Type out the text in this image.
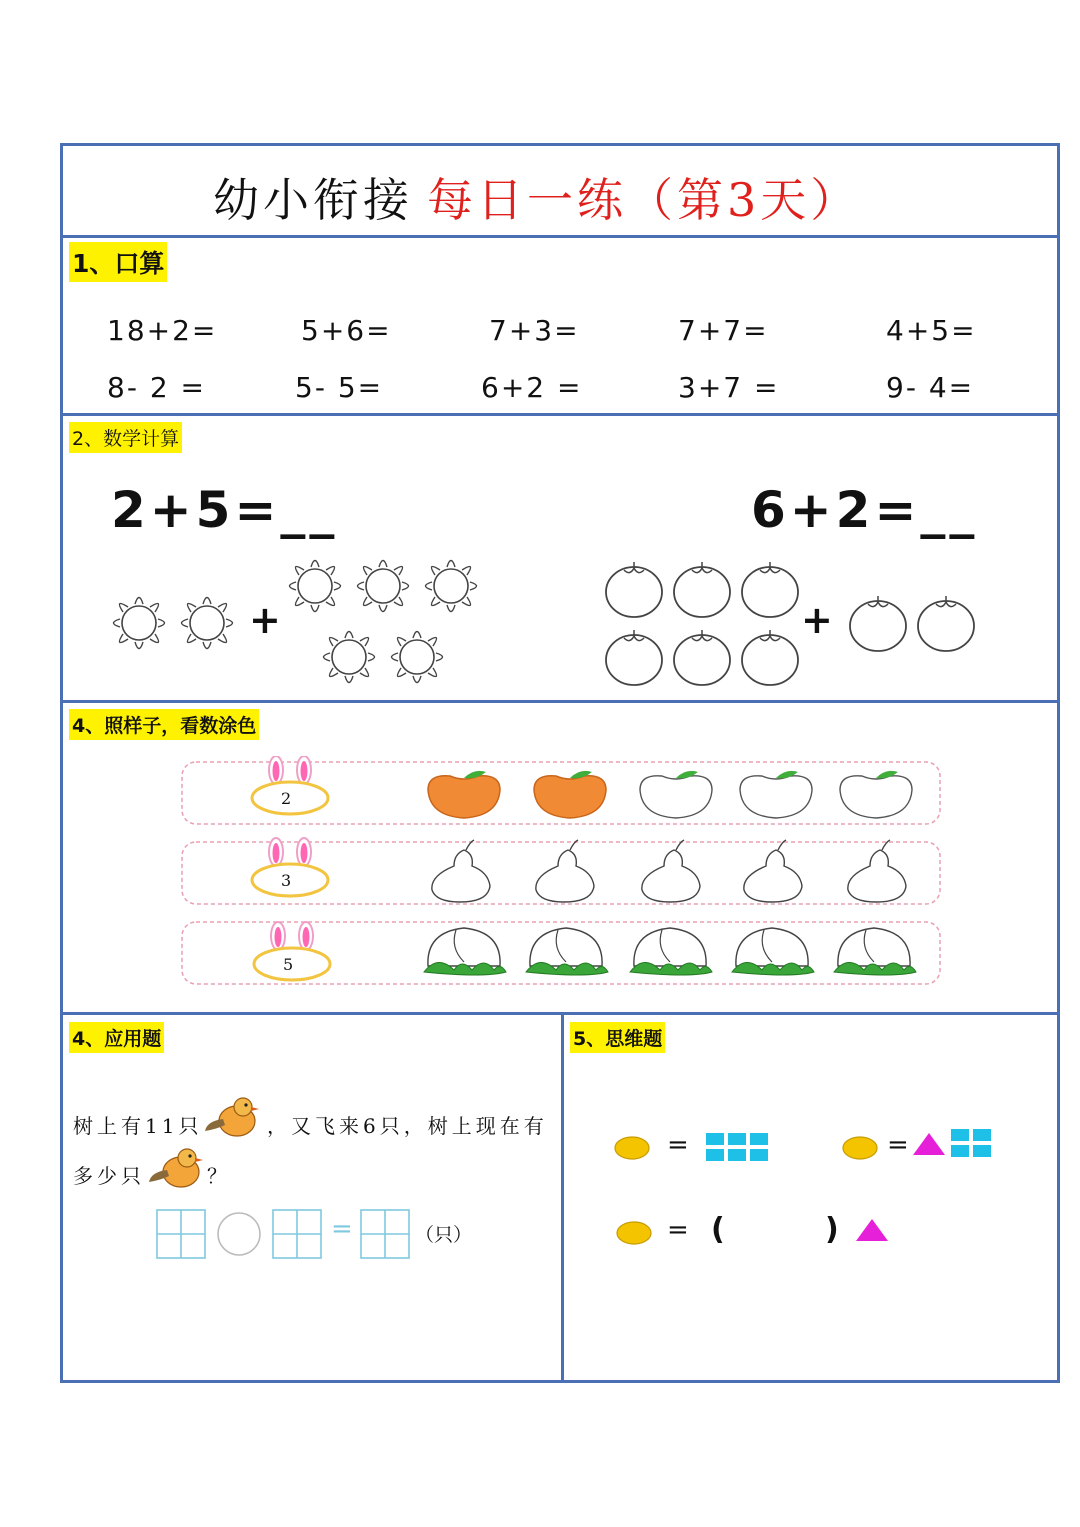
幼小衔接 每日一练（第3天）
1、口算
18+2=	5+6=	7+3=	7+7=	4+5=
8- 2 =	5- 5=	6+2 =	3+7 =	9- 4=
2、数学计算
2+5=__	6+2=__
+	+
4、照样子，看数涂色
2
3
5
4、应用题
树上有11只	，又飞来6只，树上现在有
多少只	？
=	（只）
5、思维题
=	=
= (	)
